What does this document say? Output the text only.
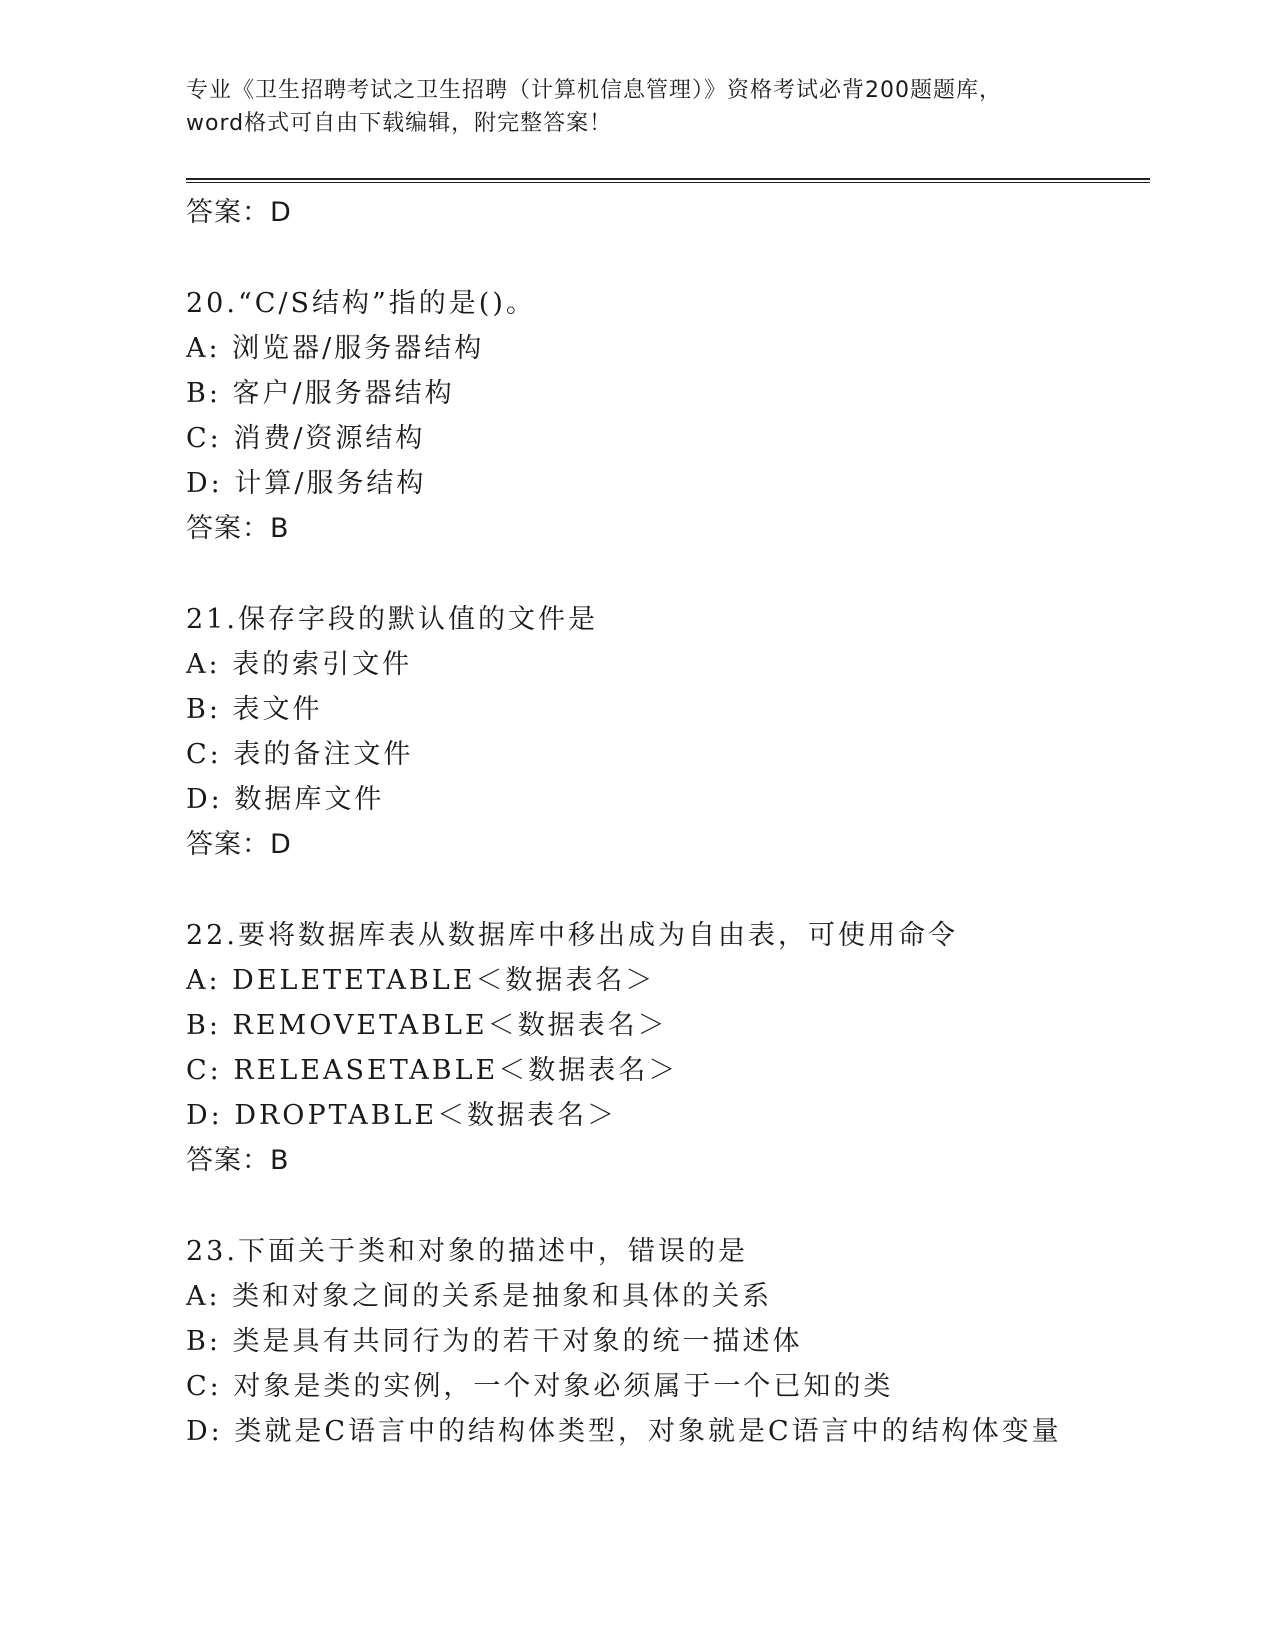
专业《卫生招聘考试之卫生招聘（计算机信息管理）》资格考试必背200题题库，
word格式可自由下载编辑，附完整答案！
答案：D
20.“C/S结构”指的是()。
A: 浏览器/服务器结构
B: 客户/服务器结构
C: 消费/资源结构
D: 计算/服务结构
答案：B
21.保存字段的默认值的文件是
A: 表的索引文件
B: 表文件
C: 表的备注文件
D: 数据库文件
答案：D
22.要将数据库表从数据库中移出成为自由表，可使用命令
A: DELETETABLE＜数据表名＞
B: REMOVETABLE＜数据表名＞
C: RELEASETABLE＜数据表名＞
D: DROPTABLE＜数据表名＞
答案：B
23.下面关于类和对象的描述中，错误的是
A: 类和对象之间的关系是抽象和具体的关系
B: 类是具有共同行为的若干对象的统一描述体
C: 对象是类的实例，一个对象必须属于一个已知的类
D: 类就是C语言中的结构体类型，对象就是C语言中的结构体变量
